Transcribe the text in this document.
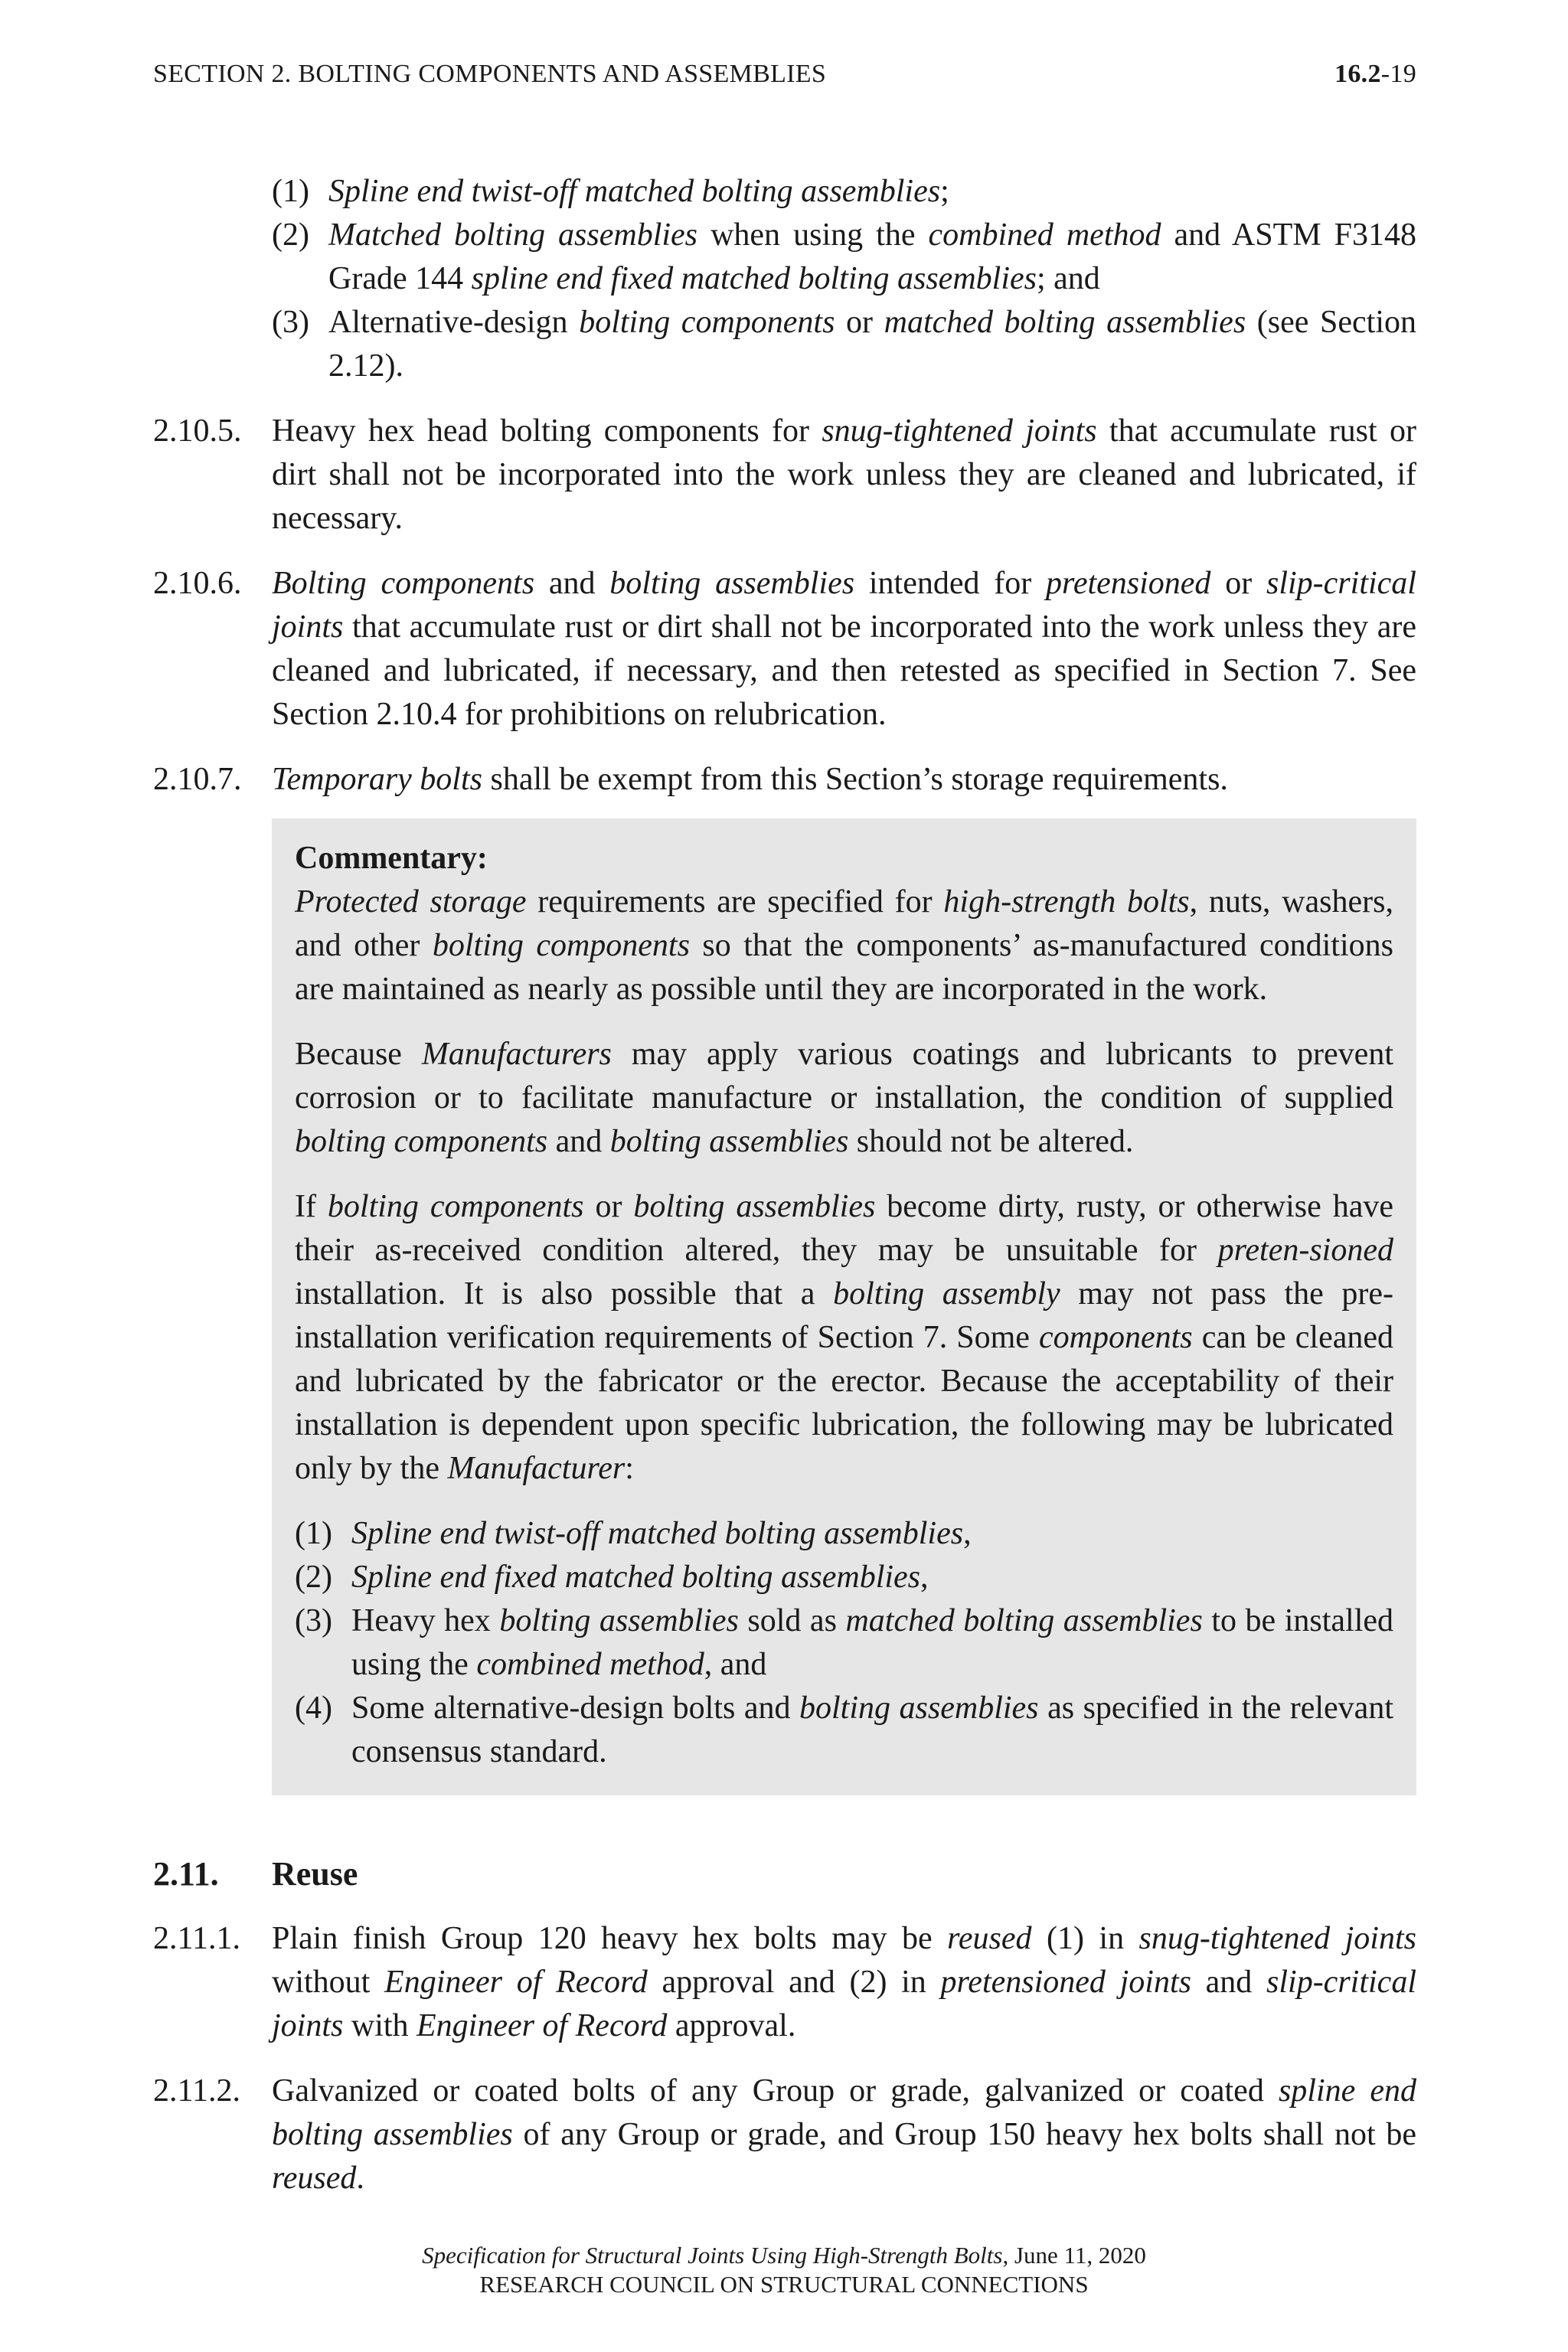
SECTION 2. BOLTING COMPONENTS AND ASSEMBLIES	16.2-19
(1) Spline end twist-off matched bolting assemblies;
(2) Matched bolting assemblies when using the combined method and ASTM F3148 Grade 144 spline end fixed matched bolting assemblies; and
(3) Alternative-design bolting components or matched bolting assemblies (see Section 2.12).
2.10.5. Heavy hex head bolting components for snug-tightened joints that accumulate rust or dirt shall not be incorporated into the work unless they are cleaned and lubricated, if necessary.

2.10.6. Bolting components and bolting assemblies intended for pretensioned or slip-critical joints that accumulate rust or dirt shall not be incorporated into the work unless they are cleaned and lubricated, if necessary, and then retested as specified in Section 7. See Section 2.10.4 for prohibitions on relubrication.

2.10.7. Temporary bolts shall be exempt from this Section’s storage requirements.

Commentary:

Protected storage requirements are specified for high-strength bolts, nuts, washers, and other bolting components so that the components’ as-manufactured conditions are maintained as nearly as possible until they are incorporated in the work.

Because Manufacturers may apply various coatings and lubricants to prevent corrosion or to facilitate manufacture or installation, the condition of supplied bolting components and bolting assemblies should not be altered.

If bolting components or bolting assemblies become dirty, rusty, or otherwise have their as-received condition altered, they may be unsuitable for preten-sioned installation. It is also possible that a bolting assembly may not pass the pre-installation verification requirements of Section 7. Some components can be cleaned and lubricated by the fabricator or the erector. Because the acceptability of their installation is dependent upon specific lubrication, the following may be lubricated only by the Manufacturer:

(1) Spline end twist-off matched bolting assemblies,
(2) Spline end fixed matched bolting assemblies,
(3) Heavy hex bolting assemblies sold as matched bolting assemblies to be installed using the combined method, and
(4) Some alternative-design bolts and bolting assemblies as specified in the relevant consensus standard.
2.11.	Reuse
2.11.1. Plain finish Group 120 heavy hex bolts may be reused (1) in snug-tightened joints without Engineer of Record approval and (2) in pretensioned joints and slip-critical joints with Engineer of Record approval.

2.11.2. Galvanized or coated bolts of any Group or grade, galvanized or coated spline end bolting assemblies of any Group or grade, and Group 150 heavy hex bolts shall not be reused.

Specification for Structural Joints Using High-Strength Bolts, June 11, 2020
RESEARCH COUNCIL ON STRUCTURAL CONNECTIONS
